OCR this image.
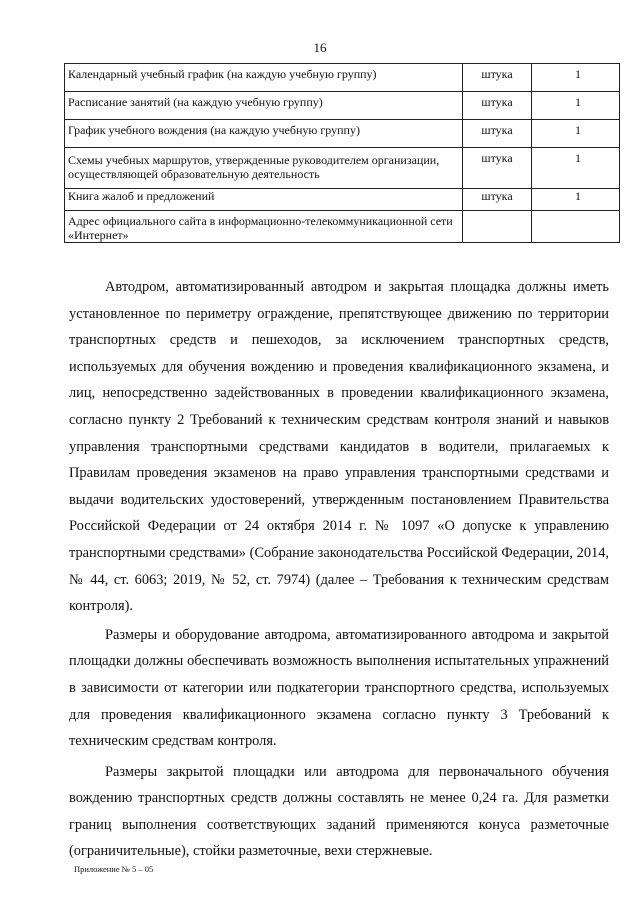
16
Календарный учебный график (на каждую учебную группу)	штука	1
Расписание занятий (на каждую учебную группу)	штука	1
График учебного вождения (на каждую учебную группу)	штука	1
Схемы учебных маршрутов, утвержденные руководителем организации, осуществляющей образовательную деятельность	штука	1
Книга жалоб и предложений	штука	1
Адрес официального сайта в информационно-телекоммуникационной сети «Интернет»		

Автодром, автоматизированный автодром и закрытая площадка должны иметь установленное по периметру ограждение, препятствующее движению по территории транспортных средств и пешеходов, за исключением транспортных средств, используемых для обучения вождению и проведения квалификационного экзамена, и лиц, непосредственно задействованных в проведении квалификационного экзамена, согласно пункту 2 Требований к техническим средствам контроля знаний и навыков управления транспортными средствами кандидатов в водители, прилагаемых к Правилам проведения экзаменов на право управления транспортными средствами и выдачи водительских удостоверений, утвержденным постановлением Правительства Российской Федерации от 24 октября 2014 г. № 1097 «О допуске к управлению транспортными средствами» (Собрание законодательства Российской Федерации, 2014, № 44, ст. 6063; 2019, № 52, ст. 7974) (далее – Требования к техническим средствам контроля).

Размеры и оборудование автодрома, автоматизированного автодрома и закрытой площадки должны обеспечивать возможность выполнения испытательных упражнений в зависимости от категории или подкатегории транспортного средства, используемых для проведения квалификационного экзамена согласно пункту 3 Требований к техническим средствам контроля.

Размеры закрытой площадки или автодрома для первоначального обучения вождению транспортных средств должны составлять не менее 0,24 га. Для разметки границ выполнения соответствующих заданий применяются конуса разметочные (ограничительные), стойки разметочные, вехи стержневые.

Приложение № 5 – 05
